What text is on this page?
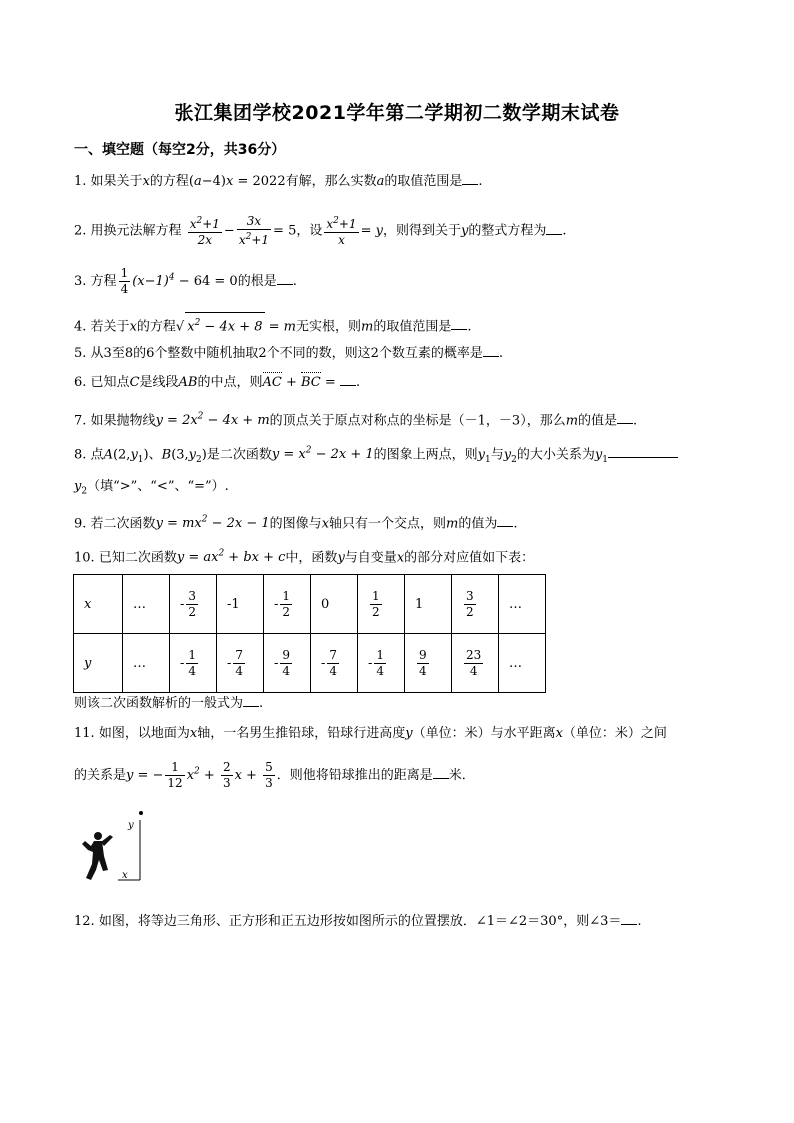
张江集团学校2021学年第二学期初二数学期末试卷
一、填空题（每空2分，共36分）
1. 如果关于x的方程(a−4)x = 2022有解，那么实数a的取值范围是 .
2. 用换元法解方程 $\frac{x^2+1}{2x} - \frac{3x}{x^2+1} = 5$，设 $\frac{x^2+1}{x} = y$，则得到关于y的整式方程为 .
3. 方程 $\frac{1}{4} (x-1)^4 - 64 = 0$的根是 .
4. 若关于x的方程√ $x^2 - 4x + 8 = m$无实根，则m的取值范围是 .
5. 从3至8的6个整数中随机抽取2个不同的数，则这2个数互素的概率是 .
6. 已知点C是线段AB的中点，则AC + BC = .
7. 如果抛物线$y = 2x^2 - 4x + m$的顶点关于原点对称点的坐标是（－1，－3），那么m的值是 .
8. 点$A(2,y_1)$、$B(3,y_2)$是二次函数$y = x^2 - 2x + 1$的图象上两点，则$y_1$与$y_2$的大小关系为$y_1$
$y_2$（填“>”、“<”、“=”）.
9. 若二次函数$y = mx^2 - 2x - 1$的图像与x轴只有一个交点，则m的值为 .
10. 已知二次函数$y = ax^2$ + bx + c中，函数y与自变量x的部分对应值如下表：
x	…	- $\frac{3}{2}$	-1	- $\frac{1}{2}$	0	$\frac{1}{2}$	1	$\frac{3}{2}$	…
y	…	- $\frac{1}{4}$	- $\frac{7}{4}$	- $\frac{9}{4}$	- $\frac{7}{4}$	- $\frac{1}{4}$	$\frac{9}{4}$	$\frac{23}{4}$	…
则该二次函数解析的一般式为 .
11. 如图，以地面为x轴，一名男生推铅球，铅球行进高度y（单位：米）与水平距离x（单位：米）之间
的关系是y = − $\frac{1}{12} x^2 + \frac{2}{3}$ $x + \frac{5}{3}$ ．则他将铅球推出的距离是 米．
y
x
12. 如图，将等边三角形、正方形和正五边形按如图所示的位置摆放．∠1＝∠2＝30°，则∠3＝ .
